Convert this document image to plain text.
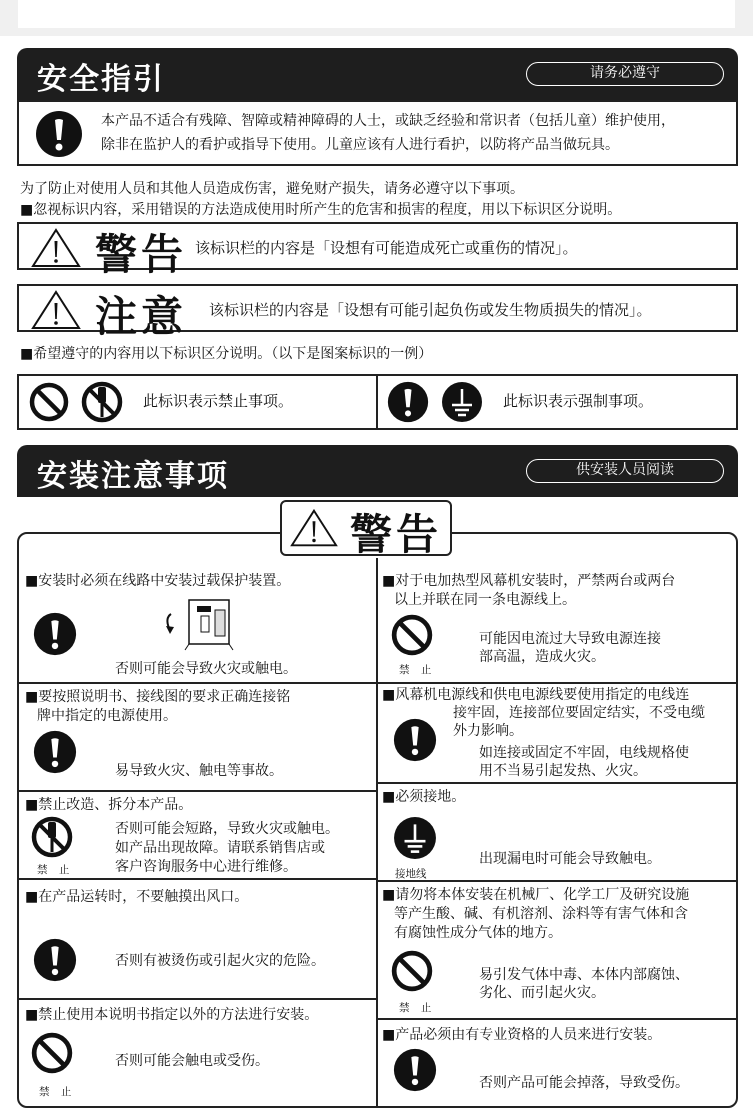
安全指引	请务必遵守
本产品不适合有残障、智障或精神障碍的人士，或缺乏经验和常识者（包括儿童）维护使用，
除非在监护人的看护或指导下使用。儿童应该有人进行看护，以防将产品当做玩具。
为了防止对使用人员和其他人员造成伤害，避免财产损失，请务必遵守以下事项。
■忽视标识内容，采用错误的方法造成使用时所产生的危害和损害的程度，用以下标识区分说明。
警告 该标识栏的内容是「设想有可能造成死亡或重伤的情况」。
注意 该标识栏的内容是「设想有可能引起负伤或发生物质损失的情况」。
■希望遵守的内容用以下标识区分说明。（以下是图案标识的一例）
此标识表示禁止事项。	此标识表示强制事项。
安装注意事项	供安装人员阅读
警告
■安装时必须在线路中安装过载保护装置。
否则可能会导致火灾或触电。
■要按照说明书、接线图的要求正确连接铭
牌中指定的电源使用。
易导致火灾、触电等事故。
■禁止改造、拆分本产品。
禁 止
否则可能会短路，导致火灾或触电。
如产品出现故障。请联系销售店或
客户咨询服务中心进行维修。
■在产品运转时，不要触摸出风口。
否则有被烫伤或引起火灾的危险。
■禁止使用本说明书指定以外的方法进行安装。
禁 止
否则可能会触电或受伤。
■对于电加热型风幕机安装时，严禁两台或两台
以上并联在同一条电源线上。
禁 止
可能因电流过大导致电源连接
部高温，造成火灾。
■风幕机电源线和供电电源线要使用指定的电线连
接牢固，连接部位要固定结实，不受电缆
外力影响。
如连接或固定不牢固，电线规格使
用不当易引起发热、火灾。
■必须接地。
接地线
出现漏电时可能会导致触电。
■请勿将本体安装在机械厂、化学工厂及研究设施
等产生酸、碱、有机溶剂、涂料等有害气体和含
有腐蚀性成分气体的地方。
禁 止
易引发气体中毒、本体内部腐蚀、
劣化、而引起火灾。
■产品必须由有专业资格的人员来进行安装。
否则产品可能会掉落，导致受伤。
